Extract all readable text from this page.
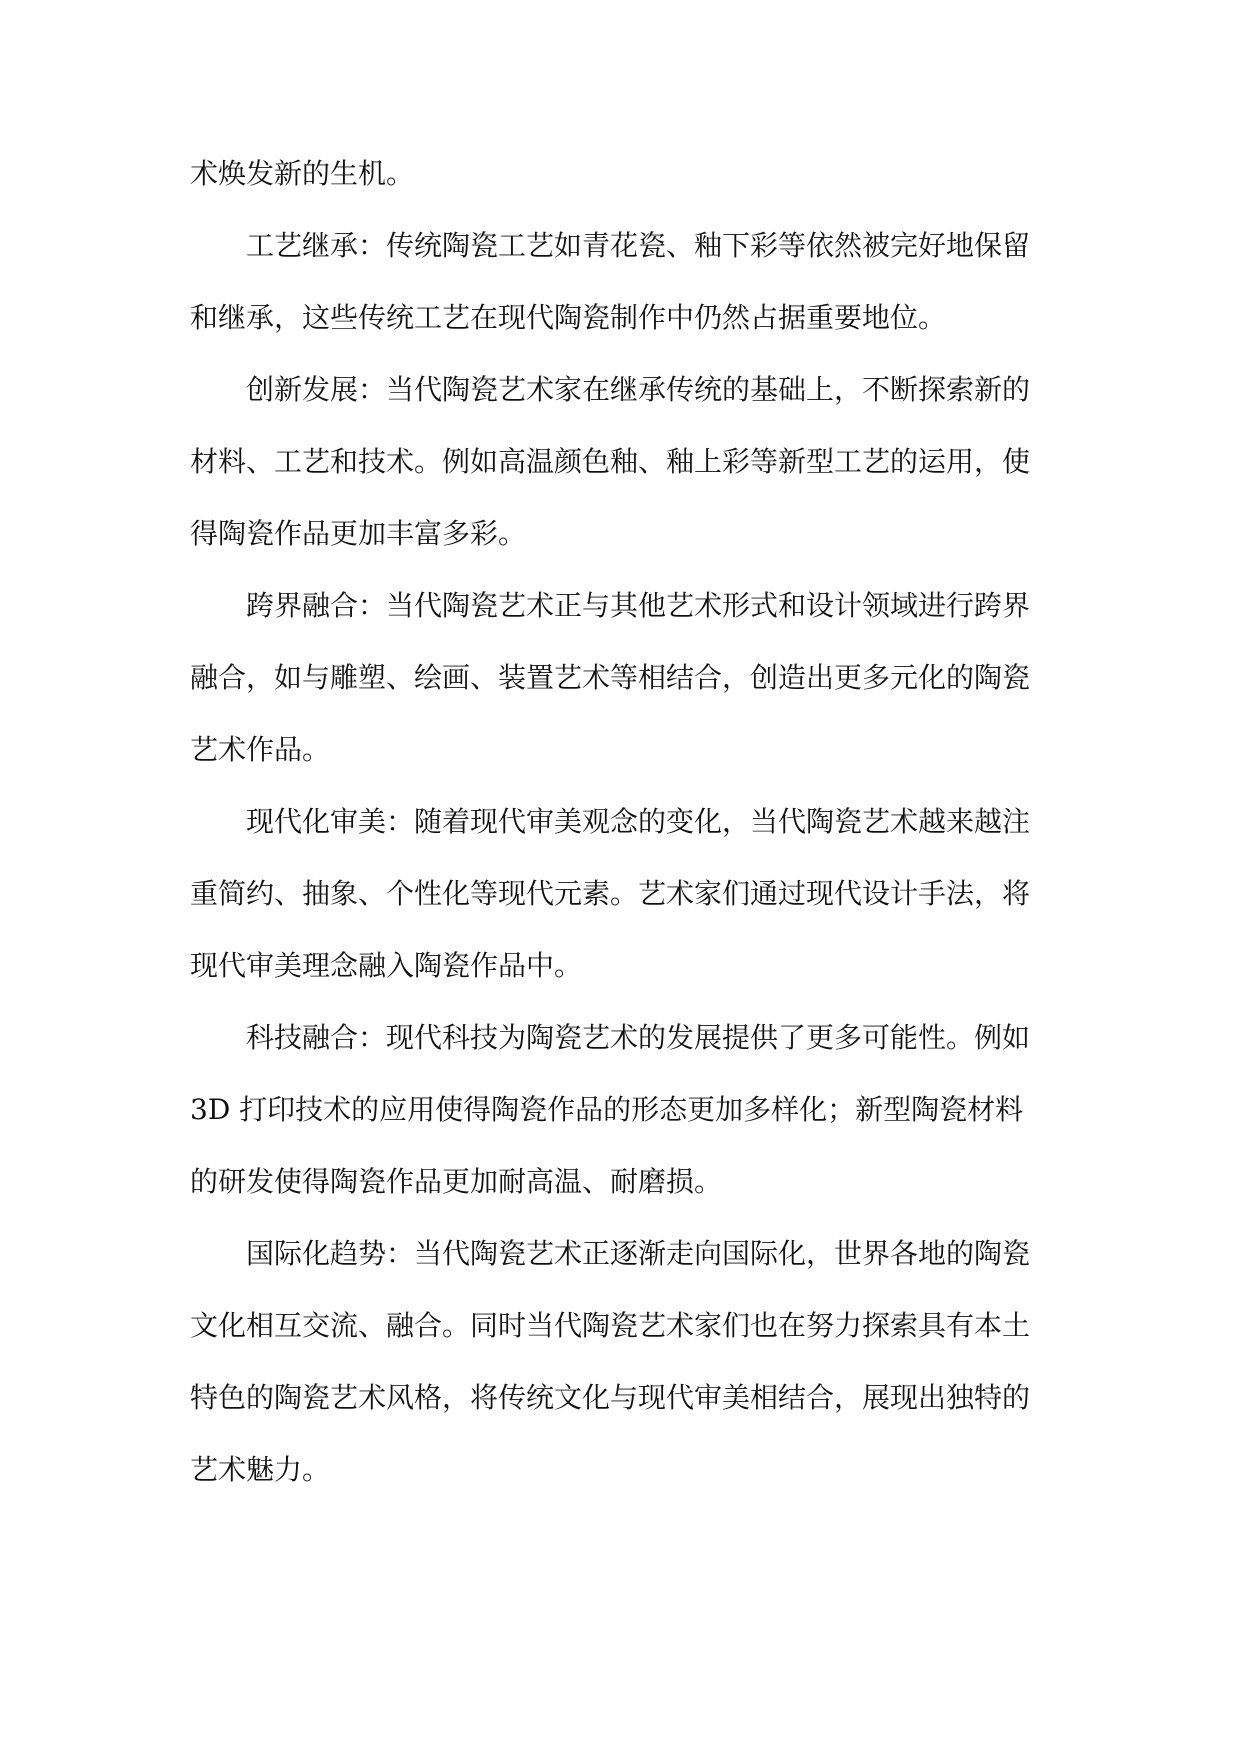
术焕发新的生机。
工艺继承：传统陶瓷工艺如青花瓷、釉下彩等依然被完好地保留
和继承，这些传统工艺在现代陶瓷制作中仍然占据重要地位。
创新发展：当代陶瓷艺术家在继承传统的基础上，不断探索新的
材料、工艺和技术。例如高温颜色釉、釉上彩等新型工艺的运用，使
得陶瓷作品更加丰富多彩。
跨界融合：当代陶瓷艺术正与其他艺术形式和设计领域进行跨界
融合，如与雕塑、绘画、装置艺术等相结合，创造出更多元化的陶瓷
艺术作品。
现代化审美：随着现代审美观念的变化，当代陶瓷艺术越来越注
重简约、抽象、个性化等现代元素。艺术家们通过现代设计手法，将
现代审美理念融入陶瓷作品中。
科技融合：现代科技为陶瓷艺术的发展提供了更多可能性。例如
3D 打印技术的应用使得陶瓷作品的形态更加多样化；新型陶瓷材料
的研发使得陶瓷作品更加耐高温、耐磨损。
国际化趋势：当代陶瓷艺术正逐渐走向国际化，世界各地的陶瓷
文化相互交流、融合。同时当代陶瓷艺术家们也在努力探索具有本土
特色的陶瓷艺术风格，将传统文化与现代审美相结合，展现出独特的
艺术魅力。
